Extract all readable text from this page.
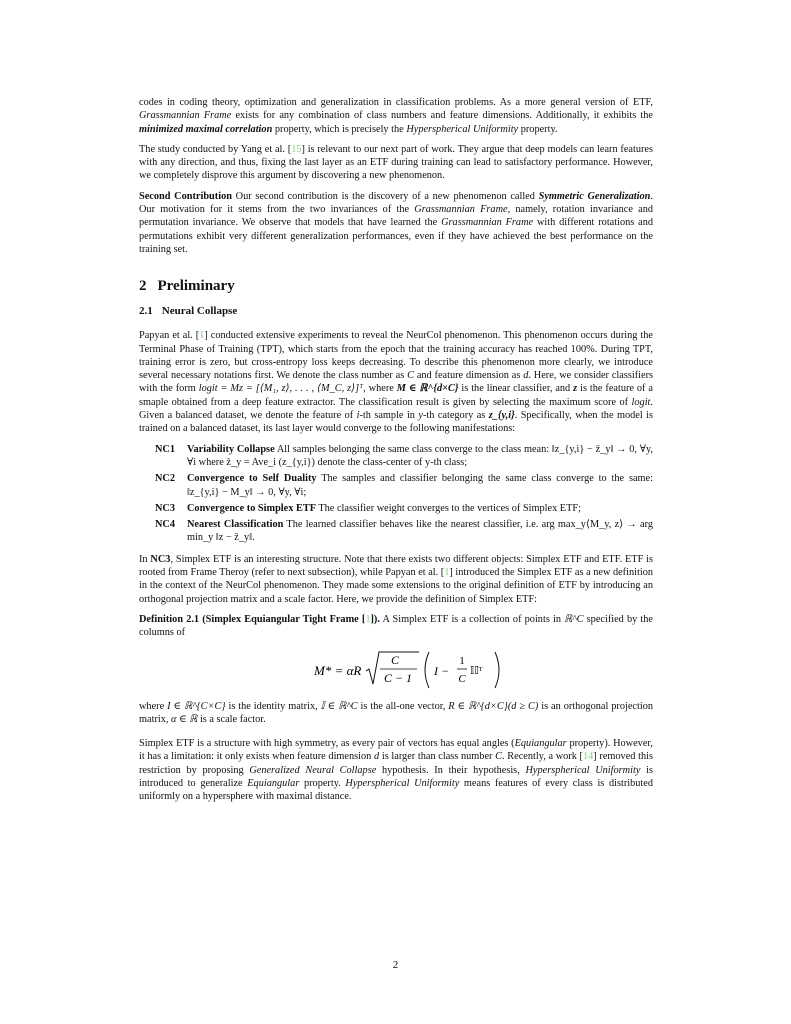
codes in coding theory, optimization and generalization in classification problems. As a more general version of ETF, Grassmannian Frame exists for any combination of class numbers and feature dimensions. Additionally, it exhibits the minimized maximal correlation property, which is precisely the Hyperspherical Uniformity property.

The study conducted by Yang et al. [15] is relevant to our next part of work. They argue that deep models can learn features with any direction, and thus, fixing the last layer as an ETF during training can lead to satisfactory performance. However, we completely disprove this argument by discovering a new phenomenon.

Second Contribution Our second contribution is the discovery of a new phenomenon called Symmetric Generalization. Our motivation for it stems from the two invariances of the Grassmannian Frame, namely, rotation invariance and permutation invariance. We observe that models that have learned the Grassmannian Frame with different rotations and permutations exhibit very different generalization performances, even if they have achieved the best performance on the training set.

2 Preliminary
2.1 Neural Collapse

Papyan et al. [1] conducted extensive experiments to reveal the NeurCol phenomenon. This phenomenon occurs during the Terminal Phase of Training (TPT), which starts from the epoch that the training accuracy has reached 100%. During TPT, training error is zero, but cross-entropy loss keeps decreasing. To describe this phenomenon more clearly, we introduce several necessary notations first. We denote the class number as C and feature dimension as d. Here, we consider classifiers with the form logit = Mz = [⟨M₁, z⟩, . . . , ⟨M_C, z⟩]ᵀ, where M ∈ ℝ^{d×C} is the linear classifier, and z is the feature of a smaple obtained from a deep feature extractor. The classification result is given by selecting the maximum score of logit. Given a balanced dataset, we denote the feature of i-th sample in y-th category as z_{y,i}. Specifically, when the model is trained on a balanced dataset, its last layer would converge to the following manifestations:

NC1 Variability Collapse All samples belonging the same class converge to the class mean: ‖z_{y,i} − z̄_y‖ → 0, ∀y, ∀i where z̄_y = Ave_i (z_{y,i}) denote the class-center of y-th class;
NC2 Convergence to Self Duality The samples and classifier belonging the same class converge to the same: ‖z_{y,i} − M_y‖ → 0, ∀y, ∀i;
NC3 Convergence to Simplex ETF The classifier weight converges to the vertices of Simplex ETF;
NC4 Nearest Classification The learned classifier behaves like the nearest classifier, i.e. arg max_y⟨M_y, z⟩ → arg min_y ‖z − z̄_y‖.

In NC3, Simplex ETF is an interesting structure. Note that there exists two different objects: Simplex ETF and ETF. ETF is rooted from Frame Theroy (refer to next subsection), while Papyan et al. [1] introduced the Simplex ETF as a new definition in the context of the NeurCol phenomenon. They made some extensions to the original definition of ETF by introducing an orthogonal projection matrix and a scale factor. Here, we provide the definition of Simplex ETF:

Definition 2.1 (Simplex Equiangular Tight Frame [1]). A Simplex ETF is a collection of points in ℝ^C specified by the columns of

M* = αR
C
C − 1 I −
1
C
𝕀𝕀ᵀ

where I ∈ ℝ^{C×C} is the identity matrix, 𝕀 ∈ ℝ^C is the all-one vector, R ∈ ℝ^{d×C}(d ≥ C) is an orthogonal projection matrix, α ∈ ℝ is a scale factor.

Simplex ETF is a structure with high symmetry, as every pair of vectors has equal angles (Equiangular property). However, it has a limitation: it only exists when feature dimension d is larger than class number C. Recently, a work [14] removed this restriction by proposing Generalized Neural Collapse hypothesis. In their hypothesis, Hyperspherical Uniformity is introduced to generalize Equiangular property. Hyperspherical Uniformity means features of every class is distributed uniformly on a hypersphere with maximal distance.

2
